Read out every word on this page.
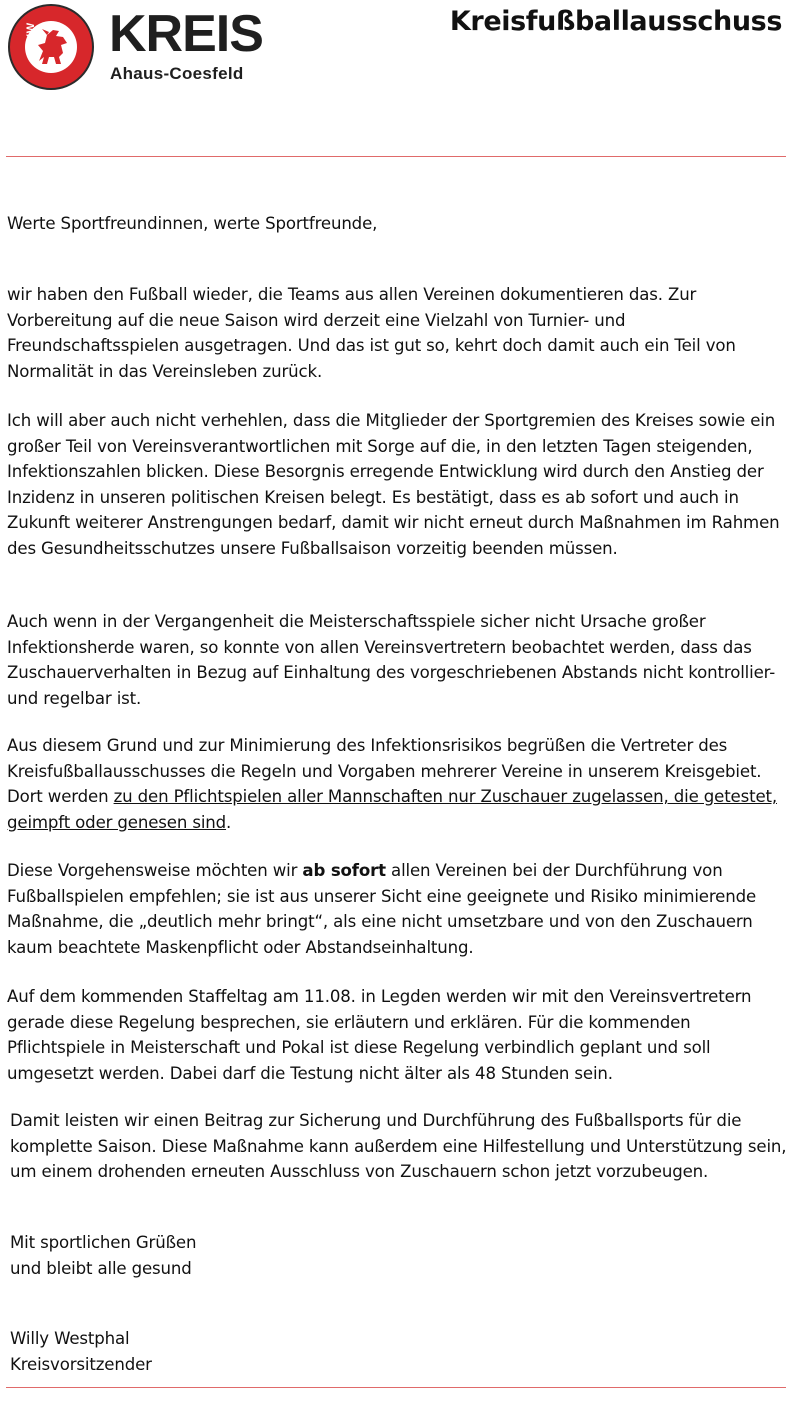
KREIS
Ahaus-Coesfeld
Kreisfußballausschuss

Werte Sportfreundinnen, werte Sportfreunde,

wir haben den Fußball wieder, die Teams aus allen Vereinen dokumentieren das. Zur Vorbereitung auf die neue Saison wird derzeit eine Vielzahl von Turnier- und Freundschaftsspielen ausgetragen. Und das ist gut so, kehrt doch damit auch ein Teil von Normalität in das Vereinsleben zurück.

Ich will aber auch nicht verhehlen, dass die Mitglieder der Sportgremien des Kreises sowie ein großer Teil von Vereinsverantwortlichen mit Sorge auf die, in den letzten Tagen steigenden, Infektionszahlen blicken. Diese Besorgnis erregende Entwicklung wird durch den Anstieg der Inzidenz in unseren politischen Kreisen belegt. Es bestätigt, dass es ab sofort und auch in Zukunft weiterer Anstrengungen bedarf, damit wir nicht erneut durch Maßnahmen im Rahmen des Gesundheitsschutzes unsere Fußballsaison vorzeitig beenden müssen.

Auch wenn in der Vergangenheit die Meisterschaftsspiele sicher nicht Ursache großer Infektionsherde waren, so konnte von allen Vereinsvertretern beobachtet werden, dass das Zuschauerverhalten in Bezug auf Einhaltung des vorgeschriebenen Abstands nicht kontrollier- und regelbar ist.

Aus diesem Grund und zur Minimierung des Infektionsrisikos begrüßen die Vertreter des Kreisfußballausschusses die Regeln und Vorgaben mehrerer Vereine in unserem Kreisgebiet. Dort werden zu den Pflichtspielen aller Mannschaften nur Zuschauer zugelassen, die getestet, geimpft oder genesen sind.

Diese Vorgehensweise möchten wir ab sofort allen Vereinen bei der Durchführung von Fußballspielen empfehlen; sie ist aus unserer Sicht eine geeignete und Risiko minimierende Maßnahme, die „deutlich mehr bringt“, als eine nicht umsetzbare und von den Zuschauern kaum beachtete Maskenpflicht oder Abstandseinhaltung.

Auf dem kommenden Staffeltag am 11.08. in Legden werden wir mit den Vereinsvertretern gerade diese Regelung besprechen, sie erläutern und erklären. Für die kommenden Pflichtspiele in Meisterschaft und Pokal ist diese Regelung verbindlich geplant und soll umgesetzt werden. Dabei darf die Testung nicht älter als 48 Stunden sein.

Damit leisten wir einen Beitrag zur Sicherung und Durchführung des Fußballsports für die komplette Saison. Diese Maßnahme kann außerdem eine Hilfestellung und Unterstützung sein, um einem drohenden erneuten Ausschluss von Zuschauern schon jetzt vorzubeugen.

Mit sportlichen Grüßen

und bleibt alle gesund

Willy Westphal

Kreisvorsitzender
